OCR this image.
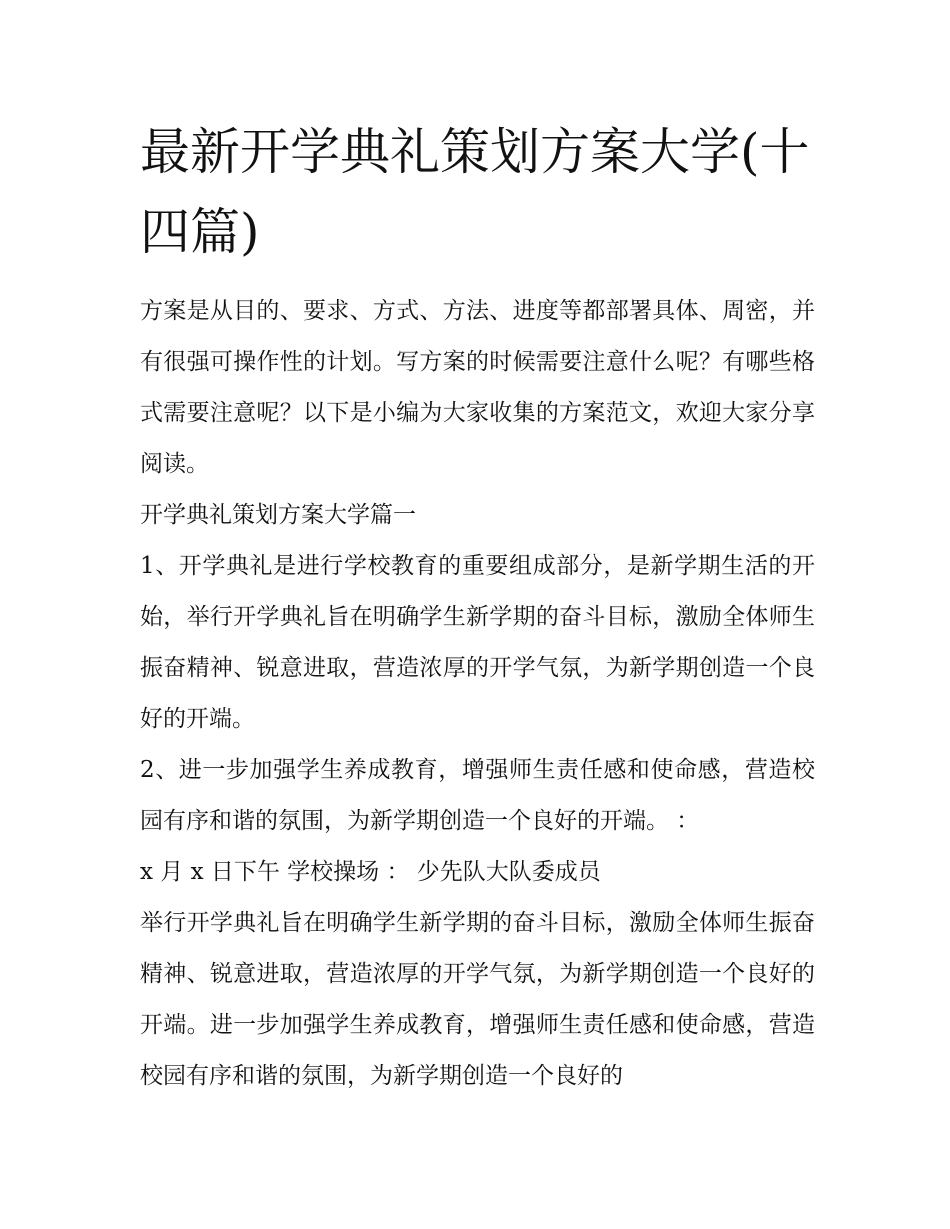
最新开学典礼策划方案大学(十四篇)

方案是从目的、要求、方式、方法、进度等都部署具体、周密，并有很强可操作性的计划。写方案的时候需要注意什么呢？有哪些格式需要注意呢？以下是小编为大家收集的方案范文，欢迎大家分享阅读。

开学典礼策划方案大学篇一

1、开学典礼是进行学校教育的重要组成部分，是新学期生活的开始，举行开学典礼旨在明确学生新学期的奋斗目标，激励全体师生振奋精神、锐意进取，营造浓厚的开学气氛，为新学期创造一个良好的开端。

2、进一步加强学生养成教育，增强师生责任感和使命感，营造校园有序和谐的氛围，为新学期创造一个良好的开端。 ：

x 月 x 日下午 学校操场 ： 少先队大队委成员

举行开学典礼旨在明确学生新学期的奋斗目标，激励全体师生振奋精神、锐意进取，营造浓厚的开学气氛，为新学期创造一个良好的开端。进一步加强学生养成教育，增强师生责任感和使命感，营造校园有序和谐的氛围，为新学期创造一个良好的
